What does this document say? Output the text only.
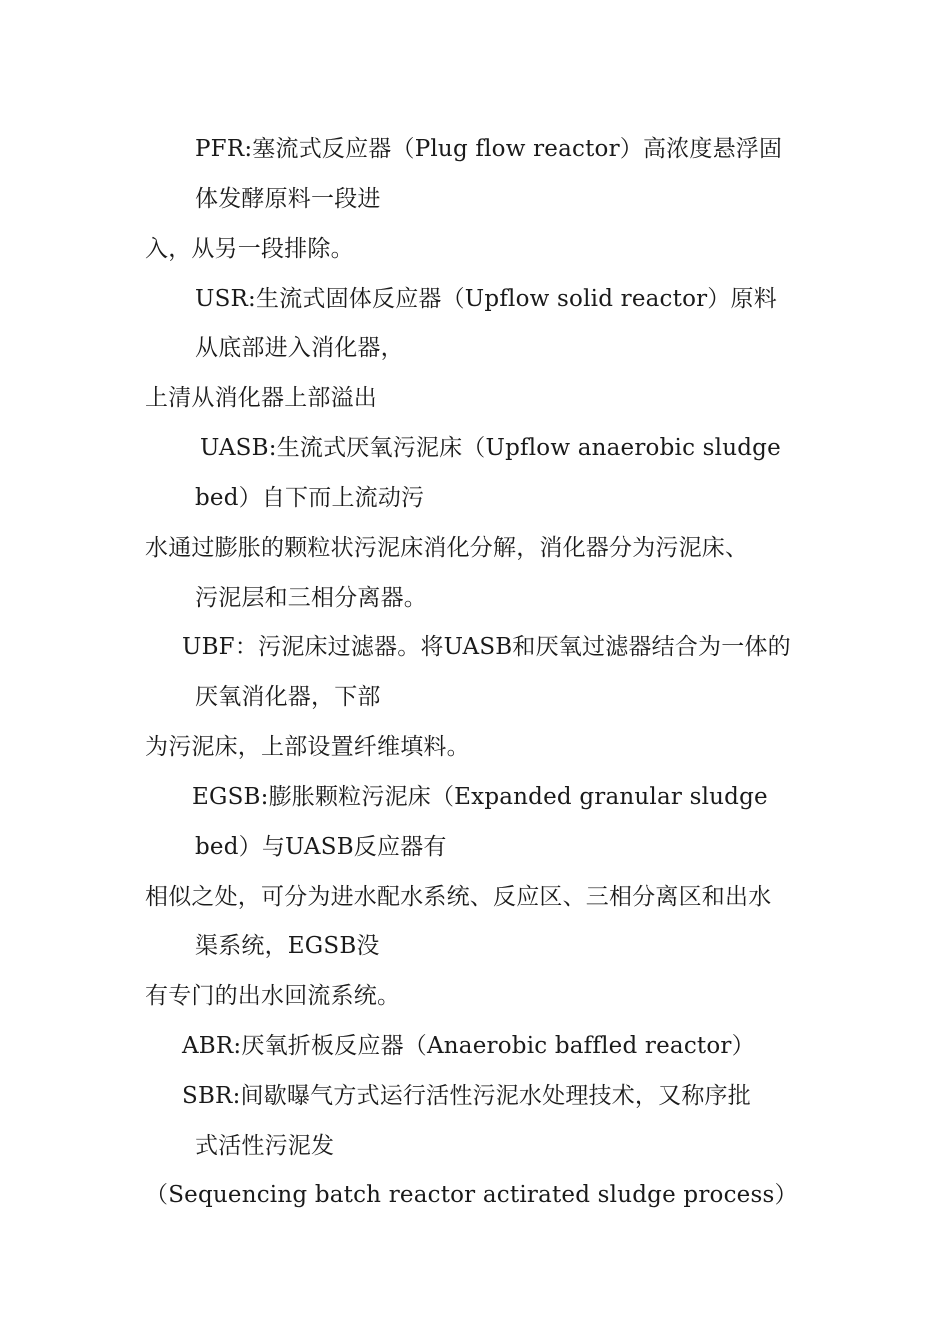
PFR:塞流式反应器（Plug flow reactor）高浓度悬浮固
体发酵原料一段进
入，从另一段排除。
USR:生流式固体反应器（Upflow solid reactor）原料
从底部进入消化器，
上清从消化器上部溢出
UASB:生流式厌氧污泥床（Upflow anaerobic sludge
bed）自下而上流动污
水通过膨胀的颗粒状污泥床消化分解，消化器分为污泥床、
污泥层和三相分离器。
UBF：污泥床过滤器。将UASB和厌氧过滤器结合为一体的
厌氧消化器，下部
为污泥床，上部设置纤维填料。
EGSB:膨胀颗粒污泥床（Expanded granular sludge
bed）与UASB反应器有
相似之处，可分为进水配水系统、反应区、三相分离区和出水
渠系统，EGSB没
有专门的出水回流系统。
ABR:厌氧折板反应器（Anaerobic baffled reactor）
SBR:间歇曝气方式运行活性污泥水处理技术，又称序批
式活性污泥发
（Sequencing batch reactor actirated sludge process）
